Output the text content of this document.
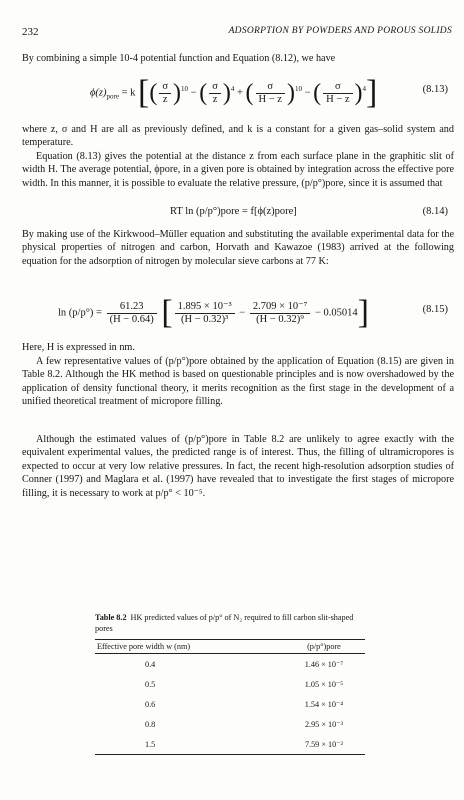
232	ADSORPTION BY POWDERS AND POROUS SOLIDS

By combining a simple 10-4 potential function and Equation (8.12), we have

$\phi(z)_{pore} = k$ [( $\frac{\sigma}{z} )^{10}$ − ( $\frac{\sigma}{z} )^4$ + ( $\frac{\sigma}{H - z} )^{10}$ − ( $\frac{\sigma}{H - z} )^4$]	(8.13)

where z, σ and H are all as previously defined, and k is a constant for a given gas–solid system and temperature.

Equation (8.13) gives the potential at the distance z from each surface plane in the graphitic slit of width H. The average potential, ϕpore, in a given pore is obtained by integration across the effective pore width. In this manner, it is possible to evaluate the relative pressure, (p/p°)pore, since it is assumed that

RT ln (p/p°)pore = f[ϕ(z)pore]	(8.14)

By making use of the Kirkwood–Müller equation and substituting the available experimental data for the physical properties of nitrogen and carbon, Horvath and Kawazoe (1983) arrived at the following equation for the adsorption of nitrogen by molecular sieve carbons at 77 K:

$\ln (p/p^\circ) = \frac{61.23}{(H - 0.64)}$ [ $\frac{\text{1.895 × 10⁻³}}{\text{(H − 0.32)³}} - \frac{\text{2.709 × 10⁻⁷}}{\text{(H − 0.32)⁹}} - 0.05014$]	(8.15)

Here, H is expressed in nm.

A few representative values of (p/p°)pore obtained by the application of Equation (8.15) are given in Table 8.2. Although the HK method is based on questionable principles and is now overshadowed by the application of density functional theory, it merits recognition as the first stage in the development of a unified theoretical treatment of micropore filling.

Although the estimated values of (p/p°)pore in Table 8.2 are unlikely to agree exactly with the equivalent experimental values, the predicted range is of interest. Thus, the filling of ultramicropores is expected to occur at very low relative pressures. In fact, the recent high-resolution adsorption studies of Conner (1997) and Maglara et al. (1997) have revealed that to investigate the first stages of micropore filling, it is necessary to work at p/p° < 10⁻⁵.

Table 8.2 HK predicted values of p/p° of N₂ required to fill carbon slit-shaped pores
Effective pore width w (nm)	(p/p°)pore
0.4	1.46 × 10⁻⁷
0.5	1.05 × 10⁻⁵
0.6	1.54 × 10⁻⁴
0.8	2.95 × 10⁻³
1.5	7.59 × 10⁻²
